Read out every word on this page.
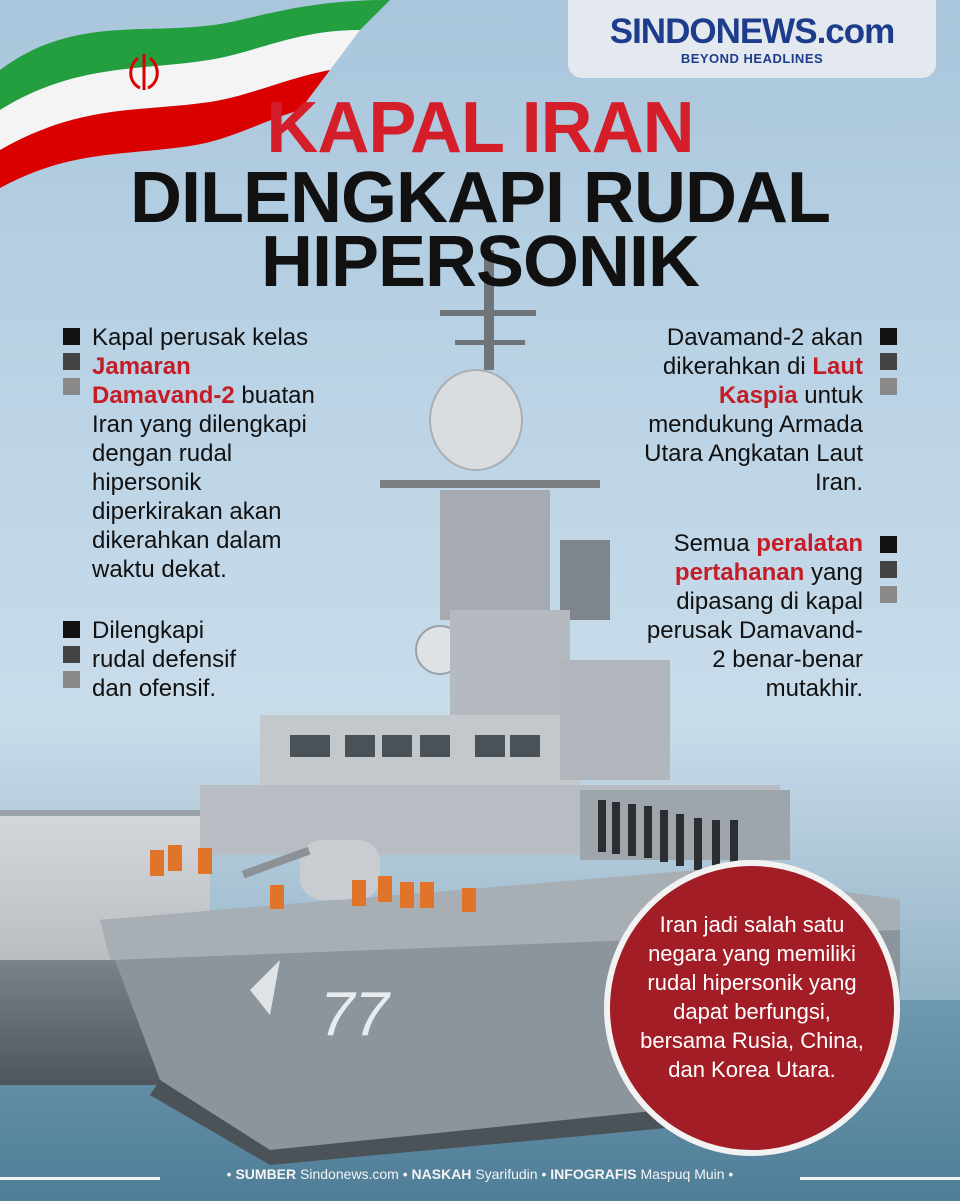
77
SINDONEWS.com
BEYOND HEADLINES
KAPAL IRAN
DILENGKAPI RUDAL
HIPERSONIK
Kapal perusak kelas Jamaran Damavand-2 buatan Iran yang dilengkapi dengan rudal hipersonik diperkirakan akan dikerahkan dalam waktu dekat.
Dilengkapi rudal defensif dan ofensif.
Davamand-2 akan dikerahkan di Laut Kaspia untuk mendukung Armada Utara Angkatan Laut Iran.
Semua peralatan pertahanan yang dipasang di kapal perusak Damavand-2 benar-benar mutakhir.
Iran jadi salah satu negara yang memiliki rudal hipersonik yang dapat berfungsi, bersama Rusia, China, dan Korea Utara.
• SUMBER Sindonews.com • NASKAH Syarifudin • INFOGRAFIS Maspuq Muin •
